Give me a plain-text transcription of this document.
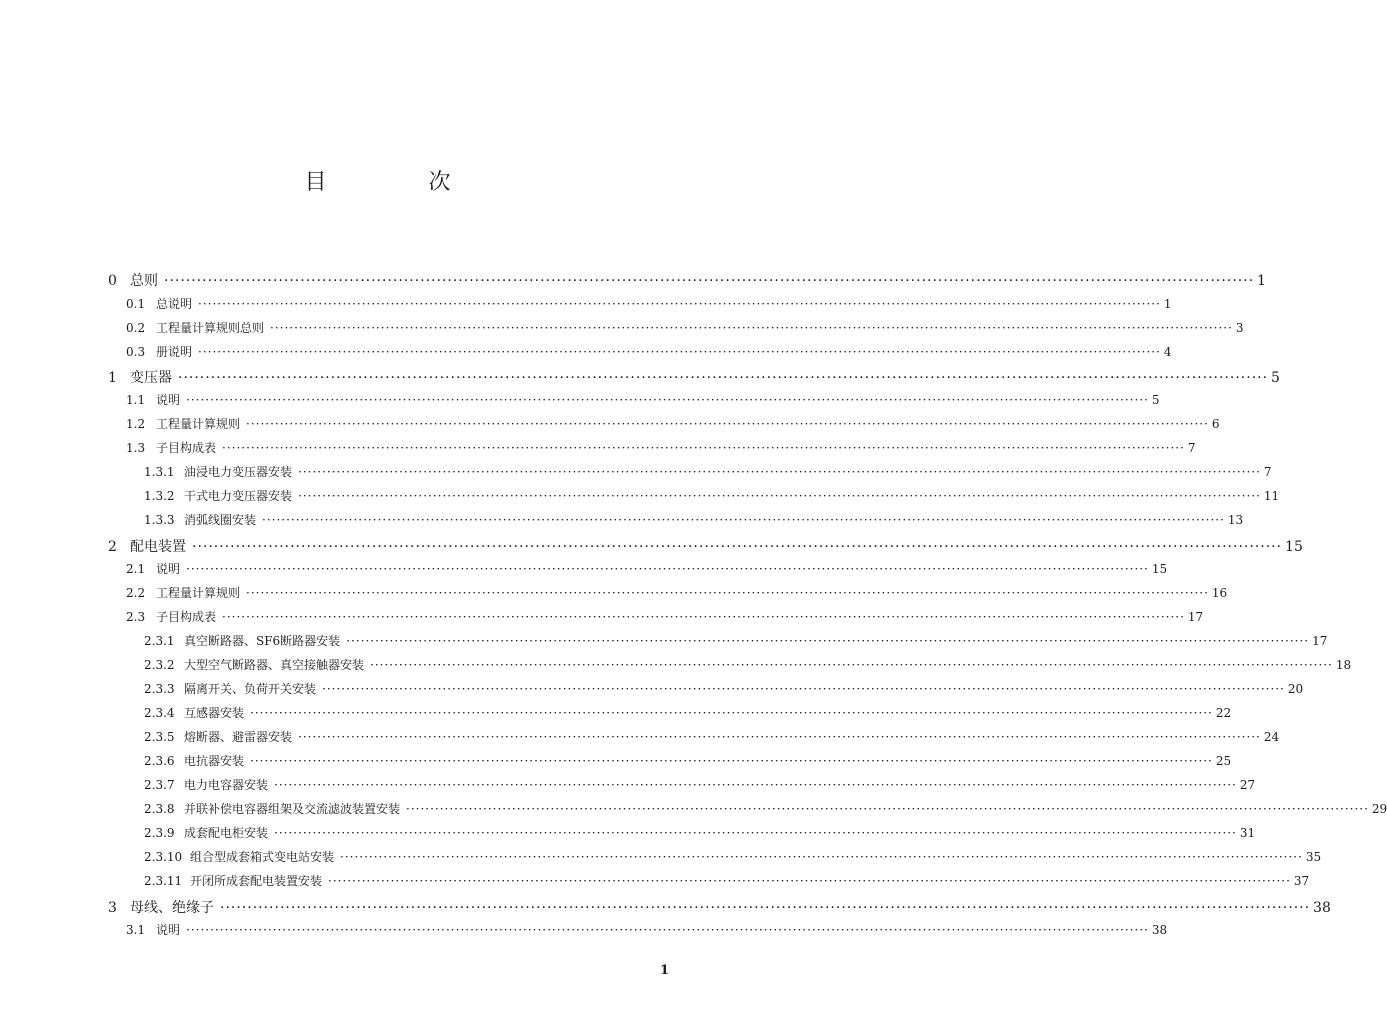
目　次
0 总则 ········································································································································································································ 1
0.1 总说明 ········································································································································································································ 1
0.2 工程量计算规则总则 ········································································································································································································ 3
0.3 册说明 ········································································································································································································ 4
1 变压器 ········································································································································································································ 5
1.1 说明 ········································································································································································································ 5
1.2 工程量计算规则 ········································································································································································································ 6
1.3 子目构成表 ········································································································································································································ 7
1.3.1 油浸电力变压器安装 ········································································································································································································ 7
1.3.2 干式电力变压器安装 ········································································································································································································ 11
1.3.3 消弧线圈安装 ········································································································································································································ 13
2 配电装置 ········································································································································································································ 15
2.1 说明 ········································································································································································································ 15
2.2 工程量计算规则 ········································································································································································································ 16
2.3 子目构成表 ········································································································································································································ 17
2.3.1 真空断路器、SF6断路器安装 ········································································································································································································ 17
2.3.2 大型空气断路器、真空接触器安装 ········································································································································································································ 18
2.3.3 隔离开关、负荷开关安装 ········································································································································································································ 20
2.3.4 互感器安装 ········································································································································································································ 22
2.3.5 熔断器、避雷器安装 ········································································································································································································ 24
2.3.6 电抗器安装 ········································································································································································································ 25
2.3.7 电力电容器安装 ········································································································································································································ 27
2.3.8 并联补偿电容器组架及交流滤波装置安装 ········································································································································································································ 29
2.3.9 成套配电柜安装 ········································································································································································································ 31
2.3.10 组合型成套箱式变电站安装 ········································································································································································································ 35
2.3.11 开闭所成套配电装置安装 ········································································································································································································ 37
3 母线、绝缘子 ········································································································································································································ 38
3.1 说明 ········································································································································································································ 38
1
